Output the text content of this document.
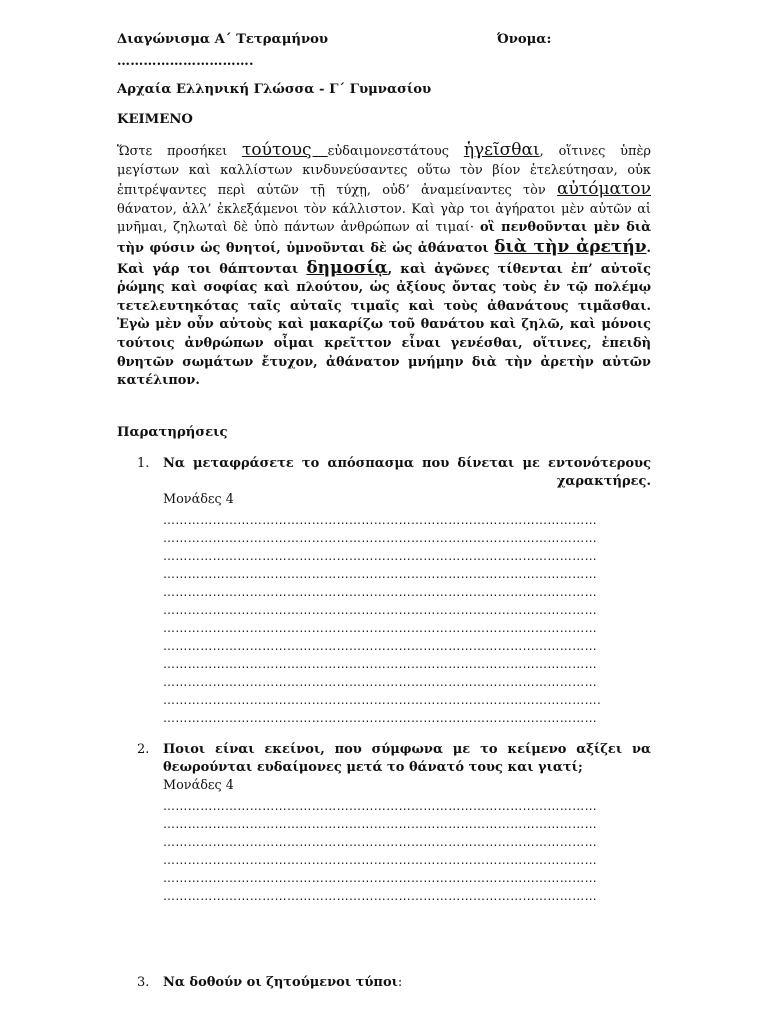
Διαγώνισμα Α΄ Τετραμήνου	Όνομα:
………………………….
Αρχαία Ελληνική Γλώσσα - Γ΄ Γυμνασίου
ΚΕΙΜΕΝΟ
Ὥστε προσήκει τούτους εὐδαιμονεστάτους ἡγεῖσθαι, οἵτινες ὑπὲρ μεγίστων καὶ καλλίστων κινδυνεύσαντες οὕτω τὸν βίον ἐτελεύτησαν, οὐκ ἐπιτρέψαντες περὶ αὑτῶν τῇ τύχῃ, οὐδ’ ἀναμείναντες τὸν αὐτόματον θάνατον, ἀλλ’ ἐκλεξάμενοι τὸν κάλλιστον. Καὶ γὰρ τοι ἀγήρατοι μὲν αὐτῶν αἱ μνῆμαι, ζηλωταὶ δὲ ὑπὸ πάντων ἀνθρώπων αἱ τιμαί· οἳ πενθοῦνται μὲν διὰ τὴν φύσιν ὡς θνητοί, ὑμνοῦνται δὲ ὡς ἀθάνατοι διὰ τὴν ἀρετήν. Καὶ γάρ τοι θάπτονται δημοσίᾳ, καὶ ἀγῶνες τίθενται ἐπ’ αὐτοῖς ῥώμης καὶ σοφίας καὶ πλούτου, ὡς ἀξίους ὄντας τοὺς ἐν τῷ πολέμῳ τετελευτηκότας ταῖς αὐταῖς τιμαῖς καὶ τοὺς ἀθανάτους τιμᾶσθαι. Ἐγὼ μὲν οὖν αὐτοὺς καὶ μακαρίζω τοῦ θανάτου καὶ ζηλῶ, καὶ μόνοις τούτοις ἀνθρώπων οἶμαι κρεῖττον εἶναι γενέσθαι, οἵτινες, ἐπειδὴ θνητῶν σωμάτων ἔτυχον, ἀθάνατον μνήμην διὰ τὴν ἀρετὴν αὐτῶν κατέλιπον.
Παρατηρήσεις
1. Να μεταφράσετε το απόσπασμα που δίνεται με εντονότερους
χαρακτήρες.
Μονάδες 4
……………………………………………………………………………………………
……………………………………………………………………………………………
……………………………………………………………………………………………
……………………………………………………………………………………………
……………………………………………………………………………………………
……………………………………………………………………………………………
……………………………………………………………………………………………
……………………………………………………………………………………………
……………………………………………………………………………………………
……………………………………………………………………………………………
…………………………………………………………………………………………….
……………………………………………………………………………………………
2. Ποιοι είναι εκείνοι, που σύμφωνα με το κείμενο αξίζει να θεωρούνται ευδαίμονες μετά το θάνατό τους και γιατί;
Μονάδες 4
……………………………………………………………………………………………
……………………………………………………………………………………………
……………………………………………………………………………………………
……………………………………………………………………………………………
……………………………………………………………………………………………
……………………………………………………………………………………………
3. Να δοθούν οι ζητούμενοι τύποι:
